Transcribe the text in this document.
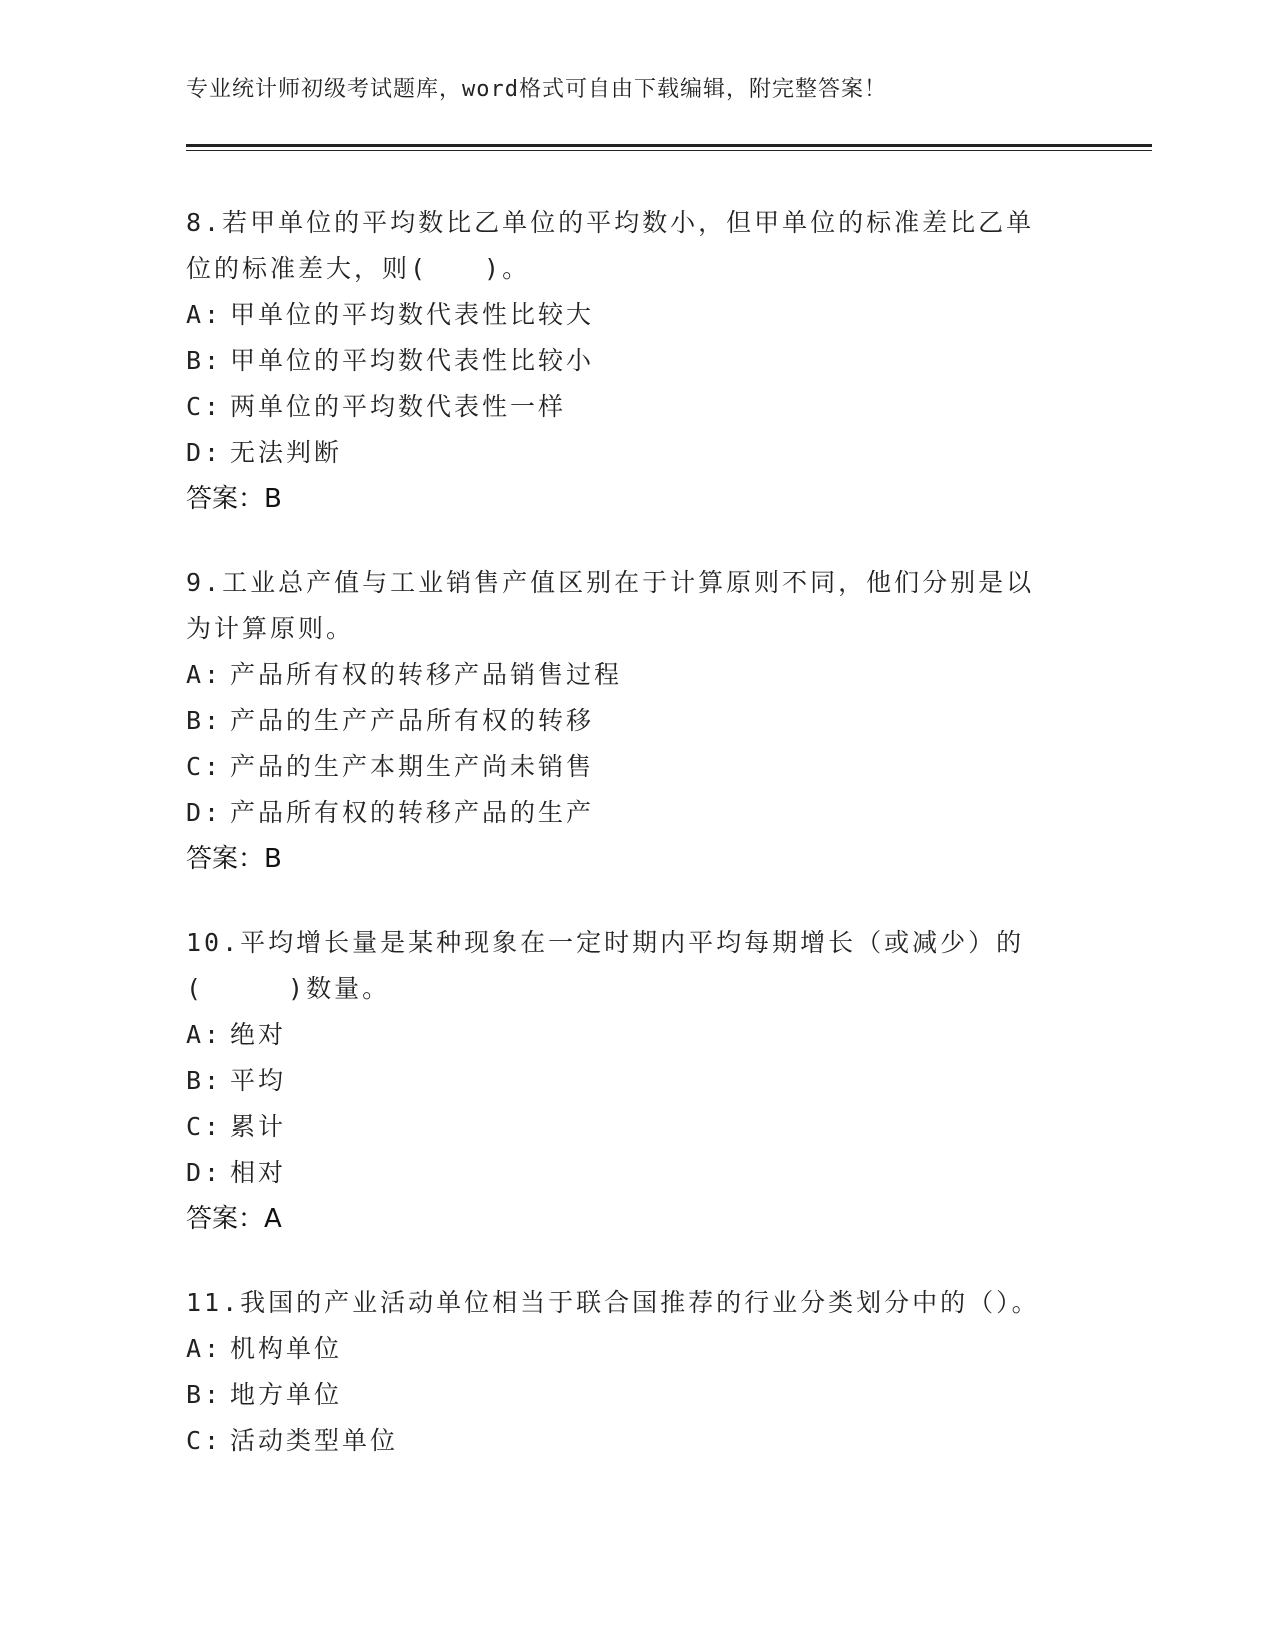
专业统计师初级考试题库，word格式可自由下载编辑，附完整答案！
8.若甲单位的平均数比乙单位的平均数小，但甲单位的标准差比乙单
位的标准差大，则(　　)。
A: 甲单位的平均数代表性比较大
B: 甲单位的平均数代表性比较小
C: 两单位的平均数代表性一样
D: 无法判断
答案：B
9.工业总产值与工业销售产值区别在于计算原则不同，他们分别是以
为计算原则。
A: 产品所有权的转移产品销售过程
B: 产品的生产产品所有权的转移
C: 产品的生产本期生产尚未销售
D: 产品所有权的转移产品的生产
答案：B
10.平均增长量是某种现象在一定时期内平均每期增长（或减少）的
(　　　)数量。
A: 绝对
B: 平均
C: 累计
D: 相对
答案：A
11.我国的产业活动单位相当于联合国推荐的行业分类划分中的（）。
A: 机构单位
B: 地方单位
C: 活动类型单位
